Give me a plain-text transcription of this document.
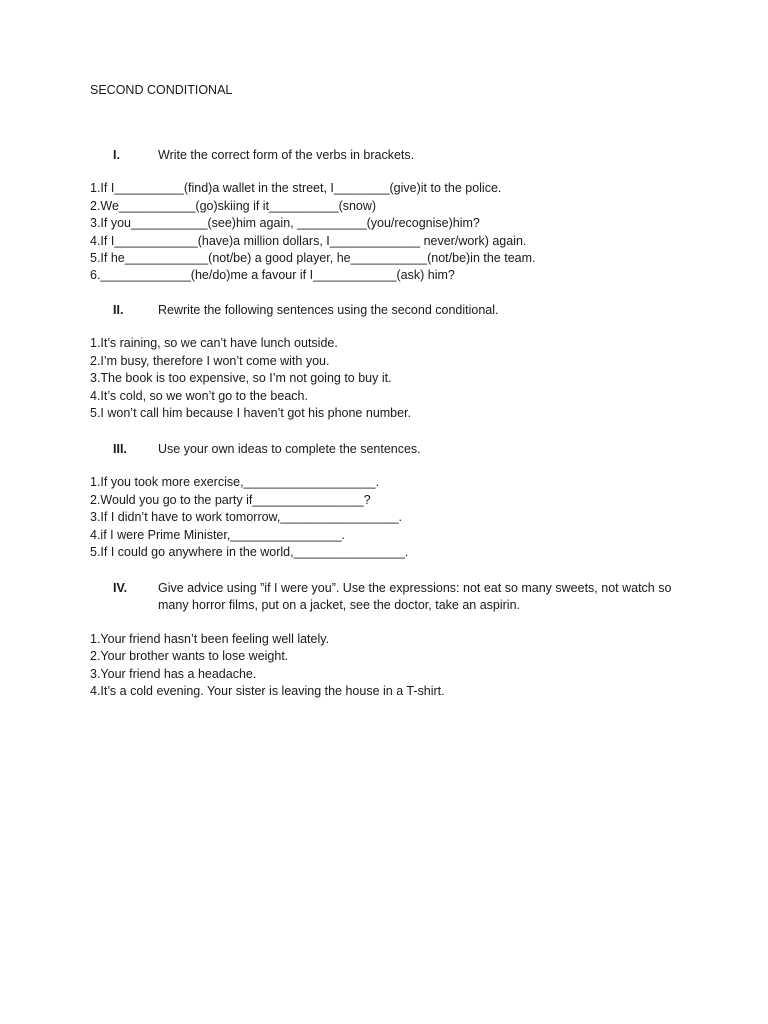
SECOND CONDITIONAL
I.	Write the correct form of the verbs in brackets.
1.If I__________(find)a wallet in the street, I________(give)it to the police.
2.We___________(go)skiing if it__________(snow)
3.If you___________(see)him again, __________(you/recognise)him?
4.If I____________(have)a million dollars, I_____________ never/work) again.
5.If he____________(not/be) a good player, he___________(not/be)in the team.
6._____________(he/do)me a favour if I____________(ask) him?
II.	Rewrite the following sentences using the second conditional.
1.It’s raining, so we can’t have lunch outside.
2.I’m busy, therefore I won’t come with you.
3.The book is too expensive, so I’m not going to buy it.
4.It’s cold, so we won’t go to the beach.
5.I won’t call him because I haven’t got his phone number.
III.	Use your own ideas to complete the sentences.
1.If you took more exercise,___________________.
2.Would you go to the party if________________?
3.If I didn’t have to work tomorrow,_________________.
4.if I were Prime Minister,________________.
5.If I could go anywhere in the world,________________.
IV.	Give advice using ”if I were you”. Use the expressions: not eat so many sweets, not watch so many horror films, put on a jacket, see the doctor, take an aspirin.
1.Your friend hasn’t been feeling well lately.
2.Your brother wants to lose weight.
3.Your friend has a headache.
4.It’s a cold evening. Your sister is leaving the house in a T-shirt.
